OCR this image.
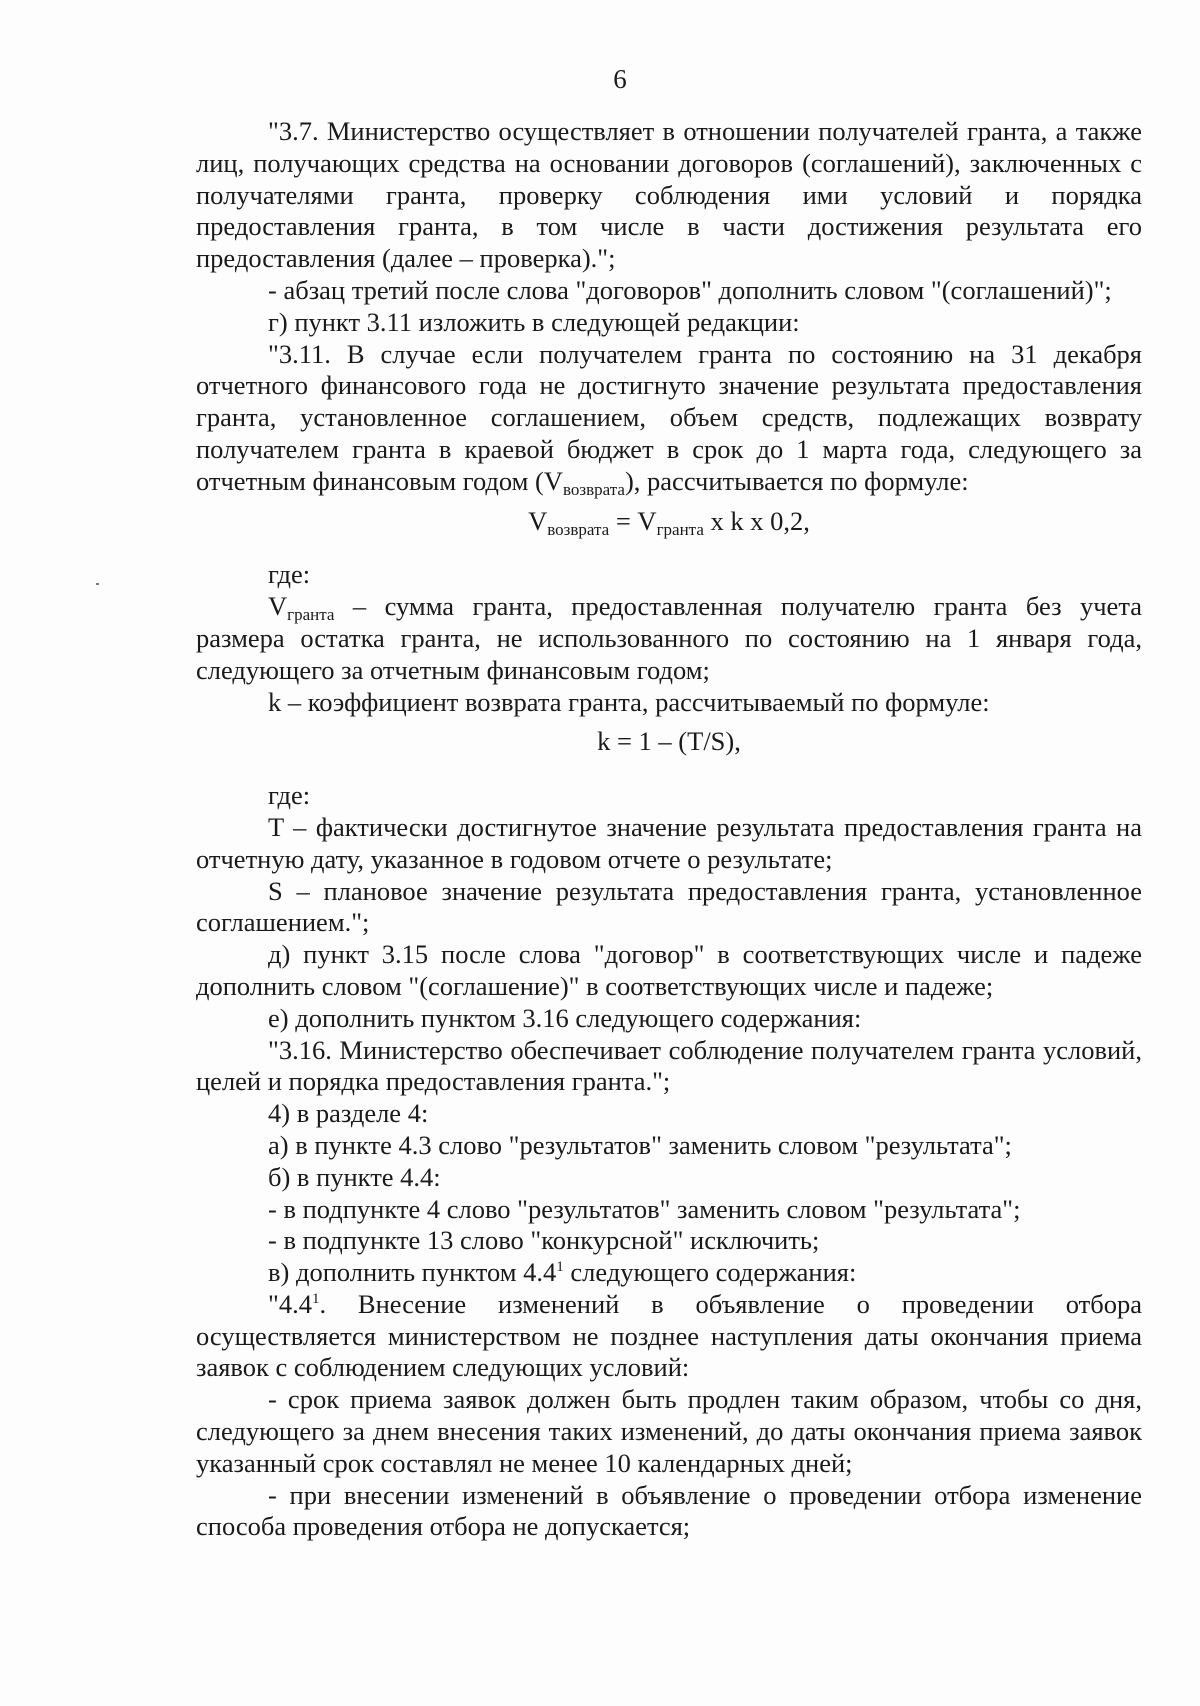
6

"3.7. Министерство осуществляет в отношении получателей гранта, а также лиц, получающих средства на основании договоров (соглашений), заключенных с получателями гранта, проверку соблюдения ими условий и порядка предоставления гранта, в том числе в части достижения результата его предоставления (далее – проверка).";

- абзац третий после слова "договоров" дополнить словом "(соглашений)";

г) пункт 3.11 изложить в следующей редакции:

"3.11. В случае если получателем гранта по состоянию на 31 декабря отчетного финансового года не достигнуто значение результата предоставления гранта, установленное соглашением, объем средств, подлежащих возврату получателем гранта в краевой бюджет в срок до 1 марта года, следующего за отчетным финансовым годом $(V_{возврата})$, рассчитывается по формуле:

$V_{возврата} = V_{гранта}$ x k x 0,2,

где:

$V_{гранта}$ – сумма гранта, предоставленная получателю гранта без учета размера остатка гранта, не использованного по состоянию на 1 января года, следующего за отчетным финансовым годом;

k – коэффициент возврата гранта, рассчитываемый по формуле:

k = 1 – (T/S),

где:

T – фактически достигнутое значение результата предоставления гранта на отчетную дату, указанное в годовом отчете о результате;

S – плановое значение результата предоставления гранта, установленное соглашением.";

д) пункт 3.15 после слова "договор" в соответствующих числе и падеже дополнить словом "(соглашение)" в соответствующих числе и падеже;

е) дополнить пунктом 3.16 следующего содержания:

"3.16. Министерство обеспечивает соблюдение получателем гранта условий, целей и порядка предоставления гранта.";

4) в разделе 4:

а) в пункте 4.3 слово "результатов" заменить словом "результата";

б) в пункте 4.4:

- в подпункте 4 слово "результатов" заменить словом "результата";

- в подпункте 13 слово "конкурсной" исключить;

в) дополнить пунктом $4.4^1$ следующего содержания:

"$4.4^1$. Внесение изменений в объявление о проведении отбора осуществляется министерством не позднее наступления даты окончания приема заявок с соблюдением следующих условий:

- срок приема заявок должен быть продлен таким образом, чтобы со дня, следующего за днем внесения таких изменений, до даты окончания приема заявок указанный срок составлял не менее 10 календарных дней;

- при внесении изменений в объявление о проведении отбора изменение способа проведения отбора не допускается;
